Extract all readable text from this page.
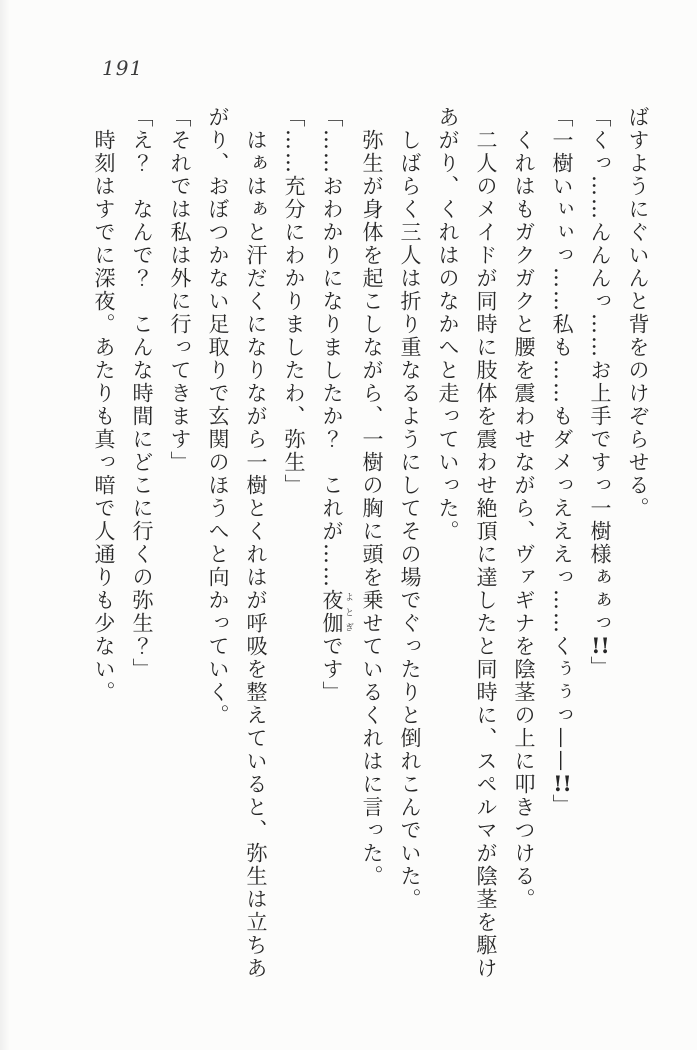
191

ばすようにぐいんと背をのけぞらせる。

「くっ……んんんっ……お上手ですっ一樹様ぁぁっ!!」

「一樹いぃぃっ……私も……もダメっえええっ……くぅぅっ——!!」

くれはもガクガクと腰を震わせながら、ヴァギナを陰茎の上に叩きつける。

二人のメイドが同時に肢体を震わせ絶頂に達したと同時に、スペルマが陰茎を駆けあがり、くれはのなかへと走っていった。

しばらく三人は折り重なるようにしてその場でぐったりと倒れこんでいた。

弥生が身体を起こしながら、一樹の胸に頭を乗せているくれはに言った。

「……おわかりになりましたか？　これが……夜伽 よとぎです」

「……充分にわかりましたわ、弥生」

はぁはぁと汗だくになりながら一樹とくれはが呼吸を整えていると、弥生は立ちあがり、おぼつかない足取りで玄関のほうへと向かっていく。

「それでは私は外に行ってきます」

「え？　なんで？　こんな時間にどこに行くの弥生？」

時刻はすでに深夜。あたりも真っ暗で人通りも少ない。
